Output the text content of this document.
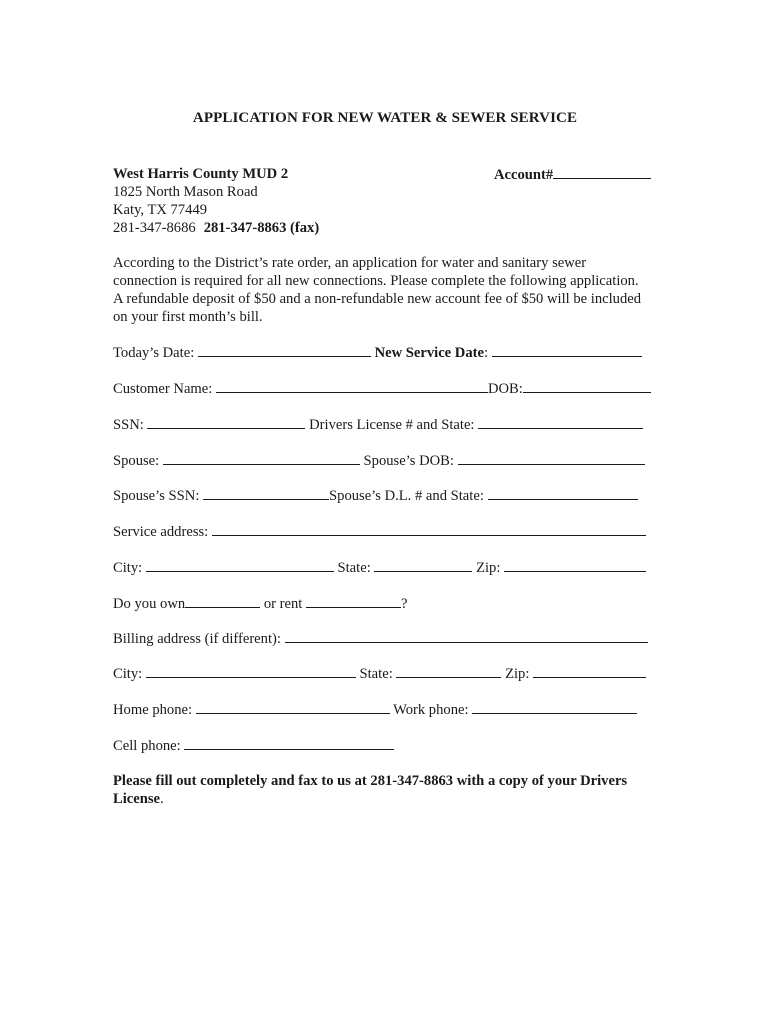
APPLICATION FOR NEW WATER & SEWER SERVICE
West Harris County MUD 2
1825 North Mason Road
Katy, TX 77449
281-347-8686 281-347-8863 (fax)
Account#
According to the District’s rate order, an application for water and sanitary sewer connection is required for all new connections. Please complete the following application. A refundable deposit of $50 and a non-refundable new account fee of $50 will be included on your first month’s bill.
Today’s Date:	New Service Date:
Customer Name:	DOB:
SSN:	Drivers License # and State:
Spouse:	Spouse’s DOB:
Spouse’s SSN:	Spouse’s D.L. # and State:
Service address:
City:	State:	Zip:
Do you own	or rent	?
Billing address (if different):
City:	State:	Zip:
Home phone:	Work phone:
Cell phone:
Please fill out completely and fax to us at 281-347-8863 with a copy of your Drivers License.
